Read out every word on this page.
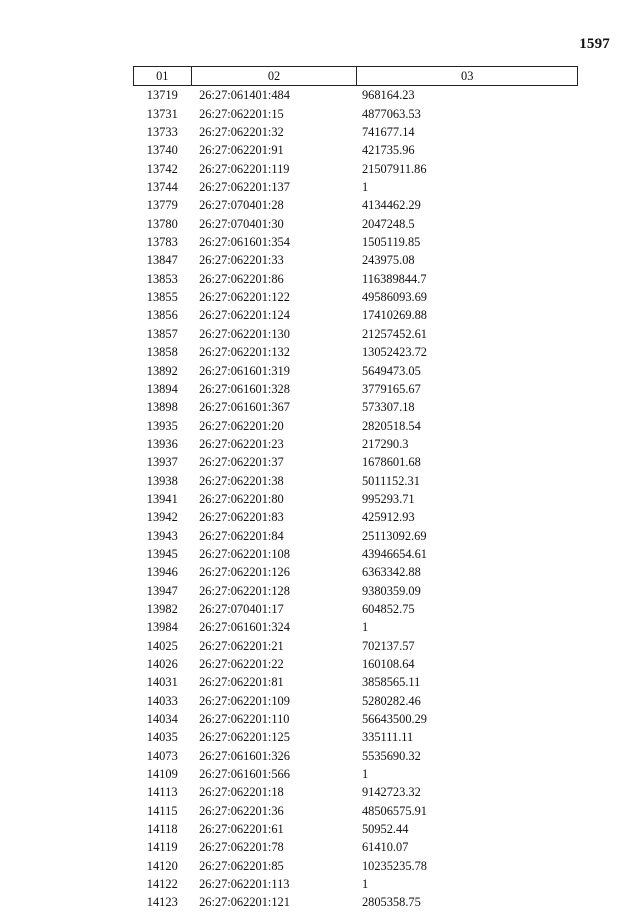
1597
01	02	03
13719	26:27:061401:484	968164.23
13731	26:27:062201:15	4877063.53
13733	26:27:062201:32	741677.14
13740	26:27:062201:91	421735.96
13742	26:27:062201:119	21507911.86
13744	26:27:062201:137	1
13779	26:27:070401:28	4134462.29
13780	26:27:070401:30	2047248.5
13783	26:27:061601:354	1505119.85
13847	26:27:062201:33	243975.08
13853	26:27:062201:86	116389844.7
13855	26:27:062201:122	49586093.69
13856	26:27:062201:124	17410269.88
13857	26:27:062201:130	21257452.61
13858	26:27:062201:132	13052423.72
13892	26:27:061601:319	5649473.05
13894	26:27:061601:328	3779165.67
13898	26:27:061601:367	573307.18
13935	26:27:062201:20	2820518.54
13936	26:27:062201:23	217290.3
13937	26:27:062201:37	1678601.68
13938	26:27:062201:38	5011152.31
13941	26:27:062201:80	995293.71
13942	26:27:062201:83	425912.93
13943	26:27:062201:84	25113092.69
13945	26:27:062201:108	43946654.61
13946	26:27:062201:126	6363342.88
13947	26:27:062201:128	9380359.09
13982	26:27:070401:17	604852.75
13984	26:27:061601:324	1
14025	26:27:062201:21	702137.57
14026	26:27:062201:22	160108.64
14031	26:27:062201:81	3858565.11
14033	26:27:062201:109	5280282.46
14034	26:27:062201:110	56643500.29
14035	26:27:062201:125	335111.11
14073	26:27:061601:326	5535690.32
14109	26:27:061601:566	1
14113	26:27:062201:18	9142723.32
14115	26:27:062201:36	48506575.91
14118	26:27:062201:61	50952.44
14119	26:27:062201:78	61410.07
14120	26:27:062201:85	10235235.78
14122	26:27:062201:113	1
14123	26:27:062201:121	2805358.75
